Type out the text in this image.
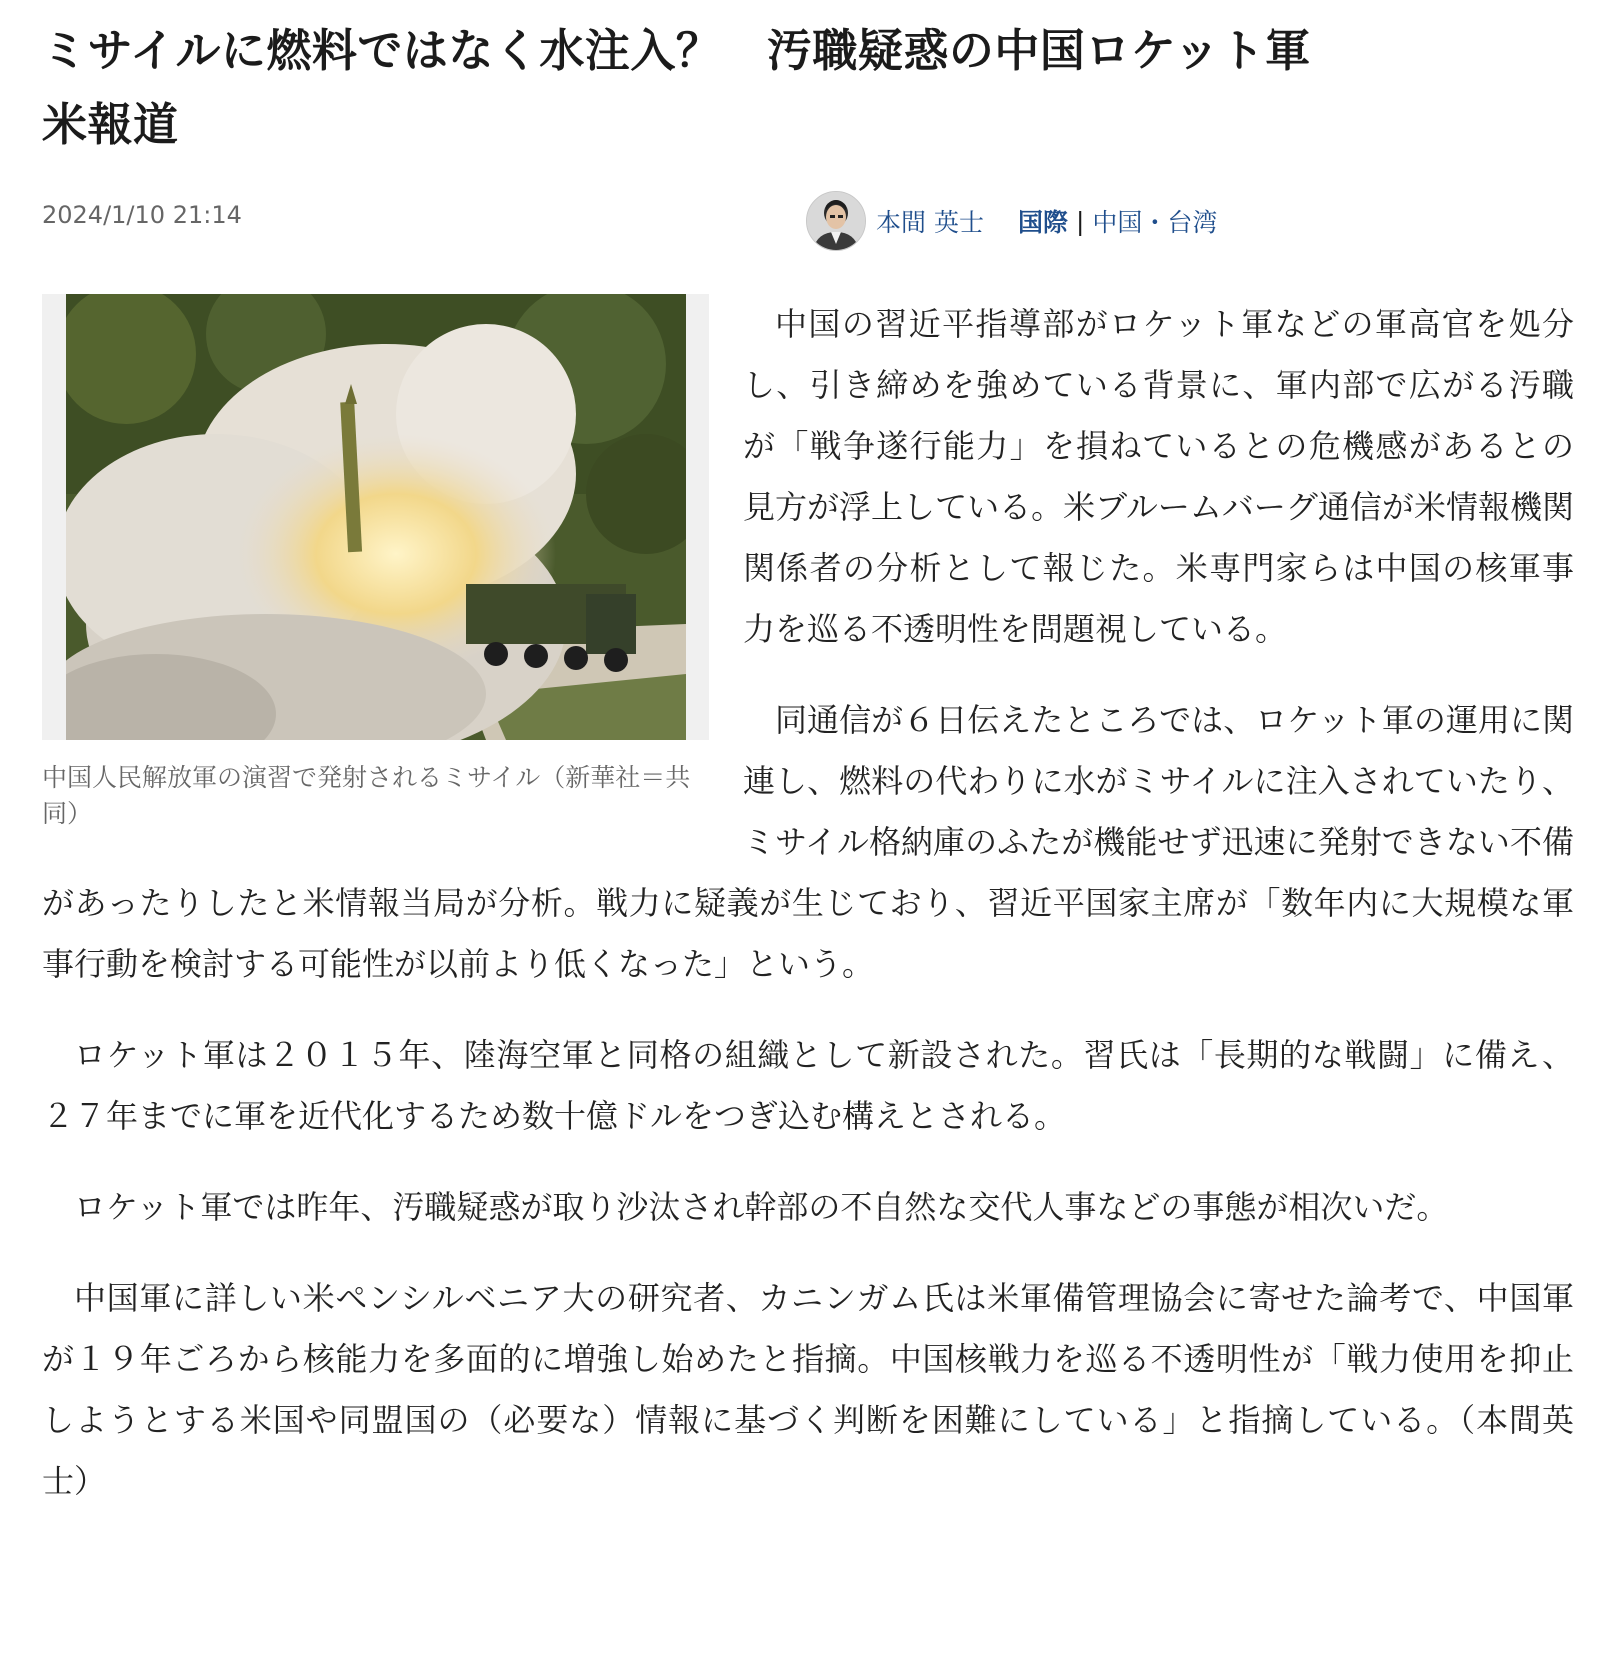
ミサイルに燃料ではなく水注入？　汚職疑惑の中国ロケット軍
米報道
2024/1/10 21:14	本間 英士 国際 | 中国・台湾
中国人民解放軍の演習で発射されるミサイル（新華社＝共同）

中国の習近平指導部がロケット軍などの軍高官を処分し、引き締めを強めている背景に、軍内部で広がる汚職が「戦争遂行能力」を損ねているとの危機感があるとの見方が浮上している。米ブルームバーグ通信が米情報機関関係者の分析として報じた。米専門家らは中国の核軍事力を巡る不透明性を問題視している。

同通信が６日伝えたところでは、ロケット軍の運用に関連し、燃料の代わりに水がミサイルに注入されていたり、ミサイル格納庫のふたが機能せず迅速に発射できない不備があったりしたと米情報当局が分析。戦力に疑義が生じており、習近平国家主席が「数年内に大規模な軍事行動を検討する可能性が以前より低くなった」という。

ロケット軍は２０１５年、陸海空軍と同格の組織として新設された。習氏は「長期的な戦闘」に備え、２７年までに軍を近代化するため数十億ドルをつぎ込む構えとされる。

ロケット軍では昨年、汚職疑惑が取り沙汰され幹部の不自然な交代人事などの事態が相次いだ。

中国軍に詳しい米ペンシルベニア大の研究者、カニンガム氏は米軍備管理協会に寄せた論考で、中国軍が１９年ごろから核能力を多面的に増強し始めたと指摘。中国核戦力を巡る不透明性が「戦力使用を抑止しようとする米国や同盟国の（必要な）情報に基づく判断を困難にしている」と指摘している。（本間英士）
